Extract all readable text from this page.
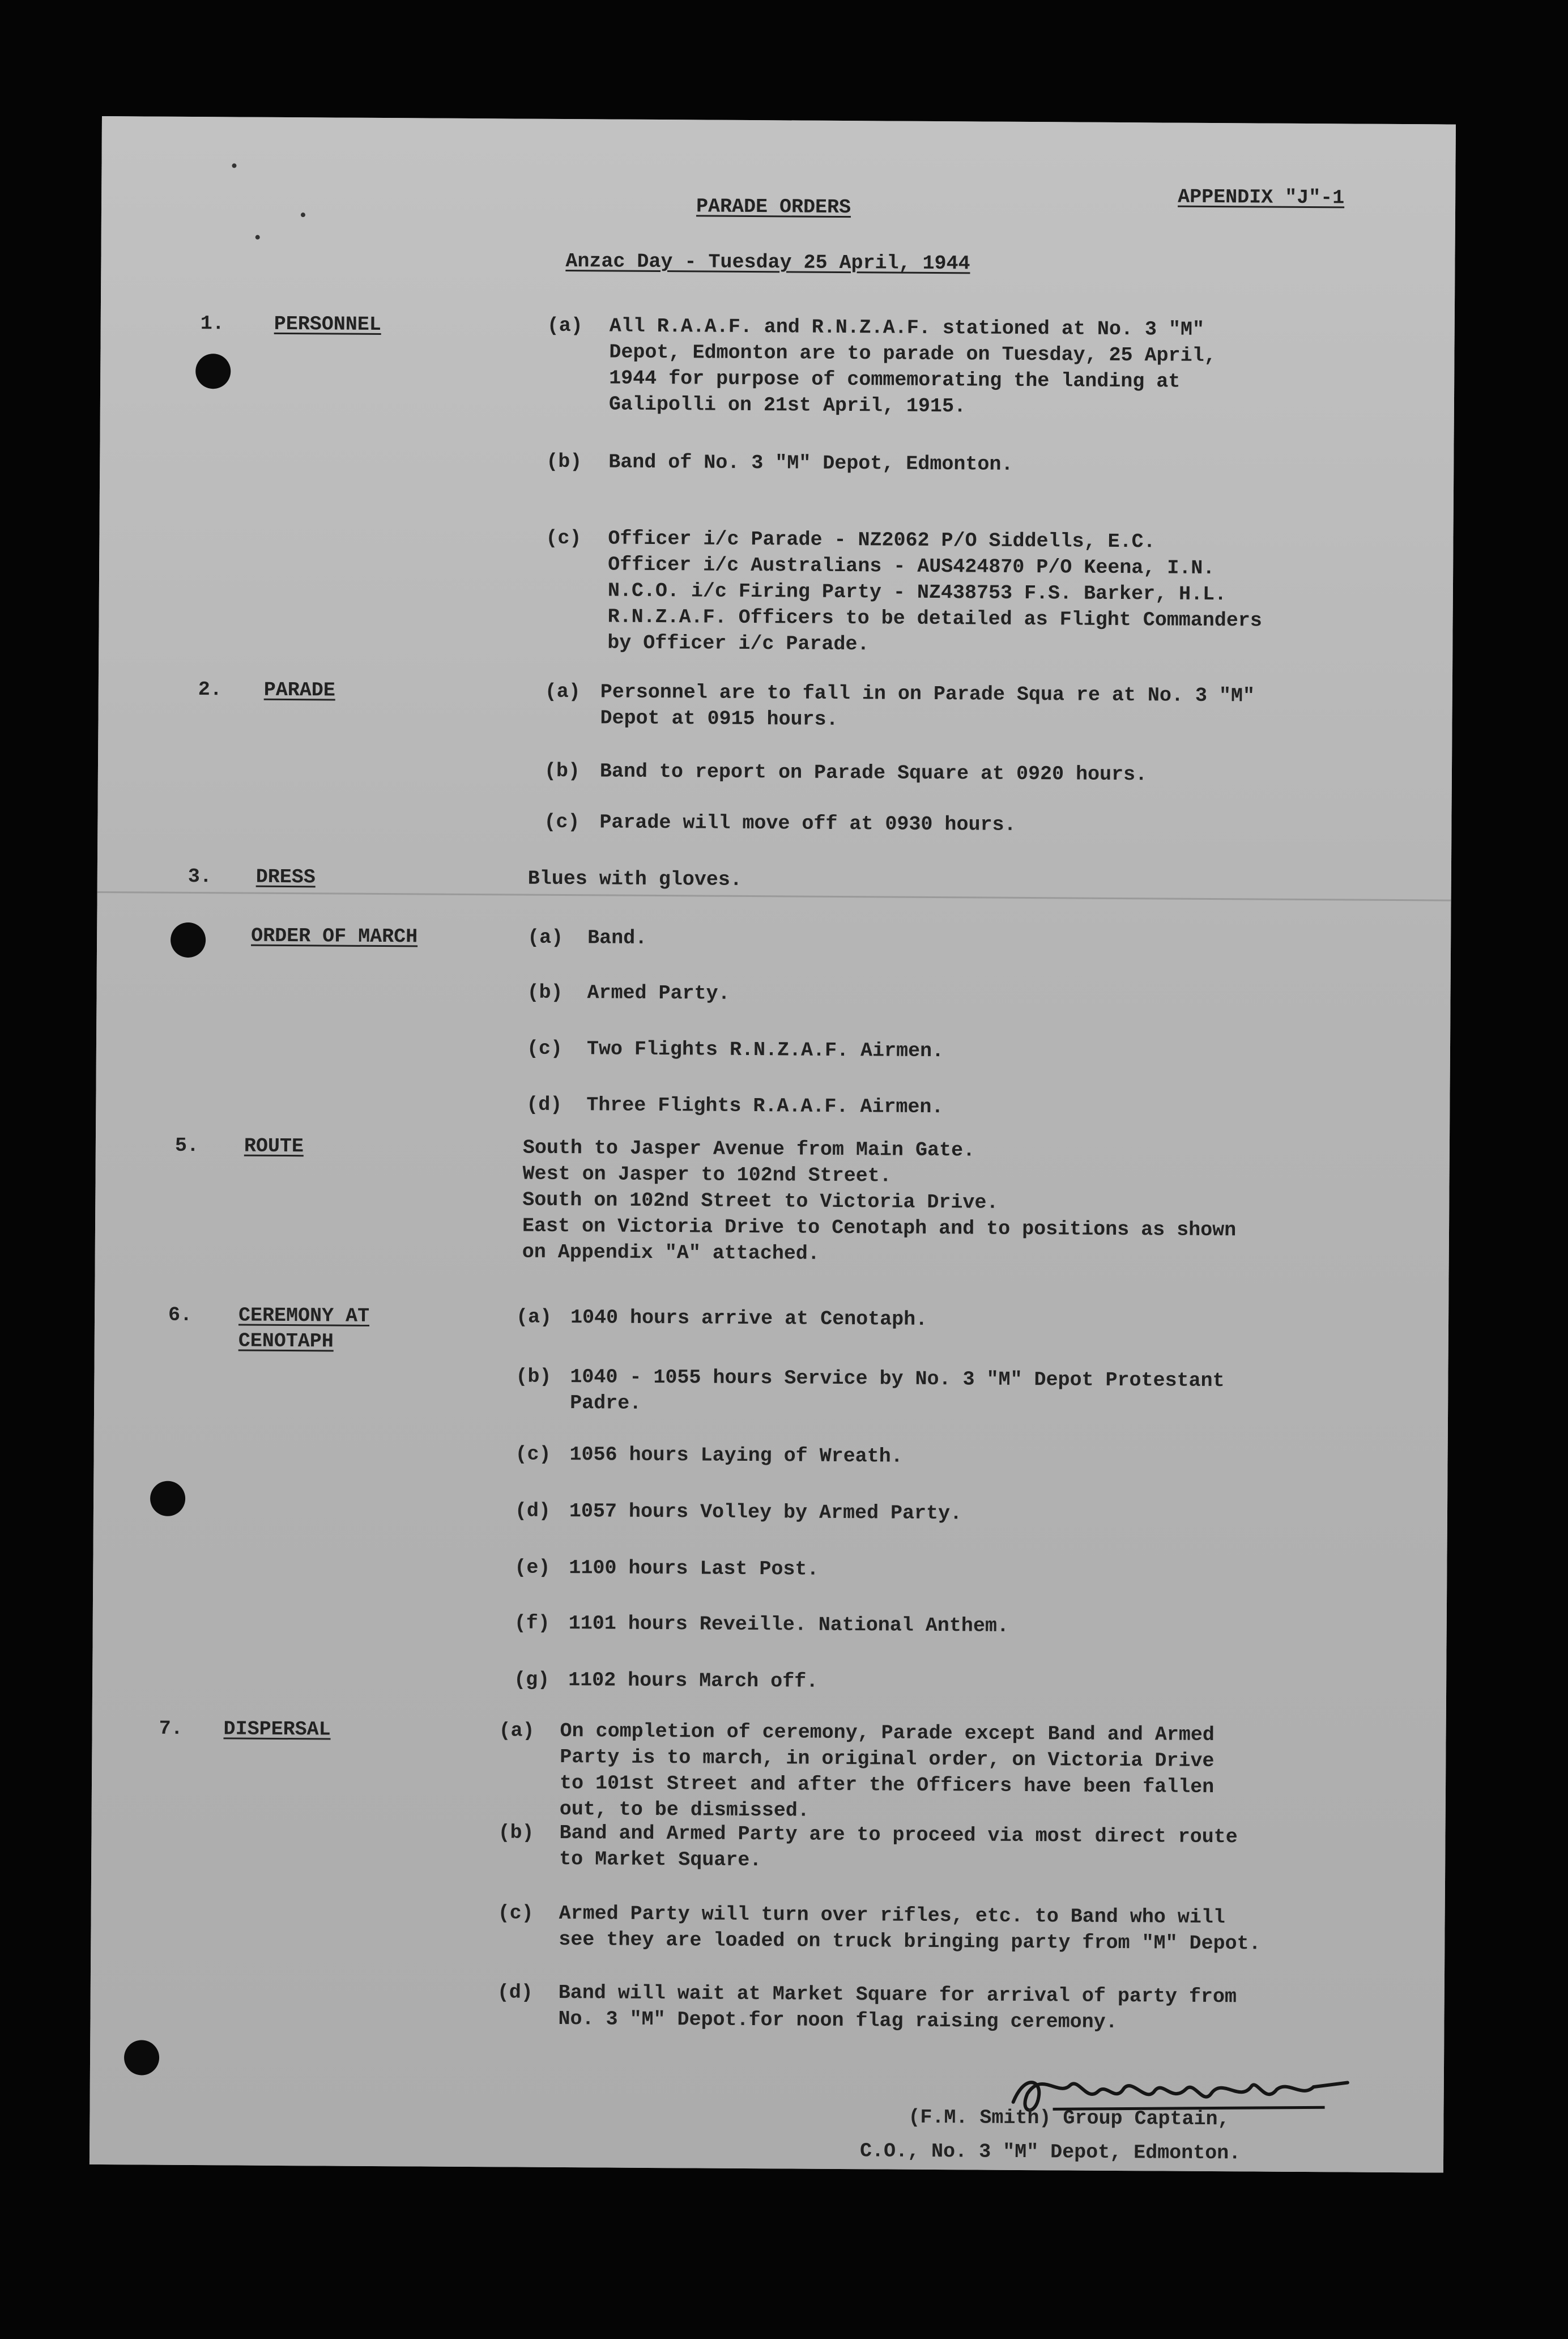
PARADE ORDERS	APPENDIX "J"-1
Anzac Day - Tuesday 25 April, 1944
1.	PERSONNEL	(a) All R.A.A.F. and R.N.Z.A.F. stationed at No. 3 "M"
Depot, Edmonton are to parade on Tuesday, 25 April,
1944 for purpose of commemorating the landing at
Galipolli on 21st April, 1915.
(b) Band of No. 3 "M" Depot, Edmonton.
(c) Officer i/c Parade - NZ2062 P/O Siddells, E.C.
Officer i/c Australians - AUS424870 P/O Keena, I.N.
N.C.O. i/c Firing Party - NZ438753 F.S. Barker, H.L.
R.N.Z.A.F. Officers to be detailed as Flight Commanders
by Officer i/c Parade.
2. PARADE	(a) Personnel are to fall in on Parade Squa re at No. 3 "M"
Depot at 0915 hours.
(b) Band to report on Parade Square at 0920 hours.
(c) Parade will move off at 0930 hours.
3. DRESS	Blues with gloves.
ORDER OF MARCH	(a) Band.
(b) Armed Party.
(c) Two Flights R.N.Z.A.F. Airmen.
(d) Three Flights R.A.A.F. Airmen.
5. ROUTE	South to Jasper Avenue from Main Gate.
West on Jasper to 102nd Street.
South on 102nd Street to Victoria Drive.
East on Victoria Drive to Cenotaph and to positions as shown
on Appendix "A" attached.
6. CEREMONY AT
CENOTAPH
(a) 1040 hours arrive at Cenotaph.
(b) 1040 - 1055 hours Service by No. 3 "M" Depot Protestant
Padre.
(c) 1056 hours Laying of Wreath.
(d) 1057 hours Volley by Armed Party.
(e) 1100 hours Last Post.
(f) 1101 hours Reveille. National Anthem.
(g) 1102 hours March off.
7. DISPERSAL	(a) On completion of ceremony, Parade except Band and Armed
Party is to march, in original order, on Victoria Drive
to 101st Street and after the Officers have been fallen
out, to be dismissed.
(b) Band and Armed Party are to proceed via most direct route
to Market Square.
(c) Armed Party will turn over rifles, etc. to Band who will
see they are loaded on truck bringing party from "M" Depot.
(d) Band will wait at Market Square for arrival of party from
No. 3 "M" Depot.for noon flag raising ceremony.
(F.M. Smith) Group Captain,
C.O., No. 3 "M" Depot, Edmonton.
